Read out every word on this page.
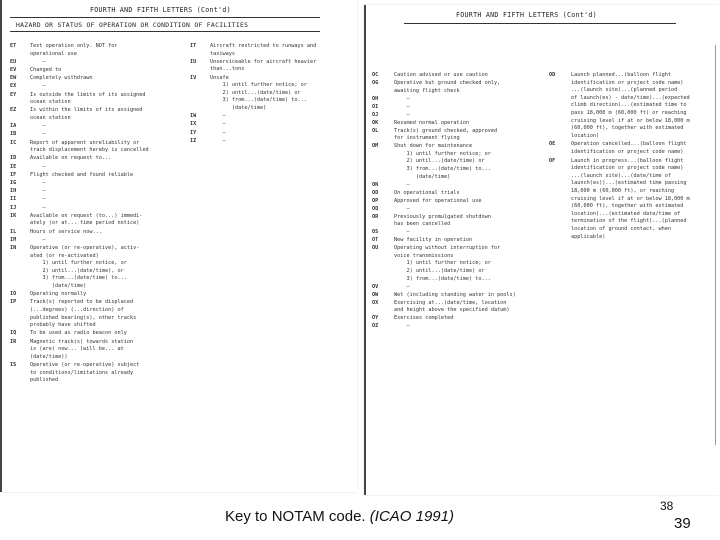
FOURTH AND FIFTH LETTERS (Cont'd)
HAZARD OR STATUS OF OPERATION OR CONDITION OF FACILITIES
ET	Test operation only. NOT for
operational use
EU	–
EV	Changed to
EW	Completely withdrawn
EX	–
EY	Is outside the limits of its assigned
ocean station
EZ	Is within the limits of its assigned
ocean station
IA	–
IB	–
IC	Report of apparent unreliability or
track displacement hereby is cancelled
ID	Available on request to...
IE	–
IF	Flight checked and found reliable
IG	–
IH	–
II	–
IJ	–
IK	Available on request (to...) immedi-
ately (or at... time period notice)
IL	Hours of service now...
IM	–
IN	Operative (or re-operative), activ-
ated (or re-activated)
1) until further notice, or
2) until...(date/time), or
3) from...(date/time) to...
(date/time)
IO	Operating normally
IP	Track(s) reported to be displaced
(...degrees) (...direction) of
published bearing(s), other tracks
probably have shifted
IQ	To be used as radio beacon only
IR	Magnetic track(s) towards station
is (are) now... (will be... at
(date/time))
IS	Operative (or re-operative) subject
to conditions/limitations already
published
IT	Aircraft restricted to runways and
taxiways
IU	Unserviceable for aircraft heavier
than...tons
IV	Unsafe
1) until further notice; or
2) until...(date/time) or
3) from...(date/time) to...
(date/time)
IW	–
IX	–
IY	–
IZ	–
FOURTH AND FIFTH LETTERS (Cont'd)
OC	Caution advised or use caution
OG	Operative but ground checked only,
awaiting flight check
OH	–
OI	–
OJ	–
OK	Resumed normal operation
OL	Track(s) ground checked, approved
for instrument flying
OM	Shut down for maintenance
1) until further notice; or
2) until...(date/time) or
3) from...(date/time) to...
(date/time)
ON	–
OO	On operational trials
OP	Approved for operational use
OQ	–
OR	Previously promulgated shutdown
has been cancelled
OS	–
OT	New facility in operation
OU	Operating without interruption for
voice transmissions
1) until further notice; or
2) until...(date/time) or
3) from...(date/time) to...
OV	–
OW	Wet (including standing water in pools)
OX	Exercising at...(date/time, location
and height above the specified datum)
OY	Exercises completed
OZ	–
OD	Launch planned...(balloon flight
identification or project code name)
...(launch site)...(planned period
of launch(es) - date/time)...(expected
climb direction)...(estimated time to
pass 18,000 m (60,000 ft) or reaching
cruising level if at or below 18,000 m
(60,000 ft), together with estimated
location)
OE	Operation cancelled...(balloon flight
identification or project code name)
OF	Launch in progress...(balloon flight
identification or project code name)
...(launch site)...(date/time of
launch(es))...(estimated time passing
18,000 m (60,000 ft), or reaching
cruising level if at or below 18,000 m
(60,000 ft), together with estimated
location)...(estimated date/time of
termination of the flight)...(planned
location of ground contact, when
applicable)
Key to NOTAM code. (ICAO 1991)
38
39
